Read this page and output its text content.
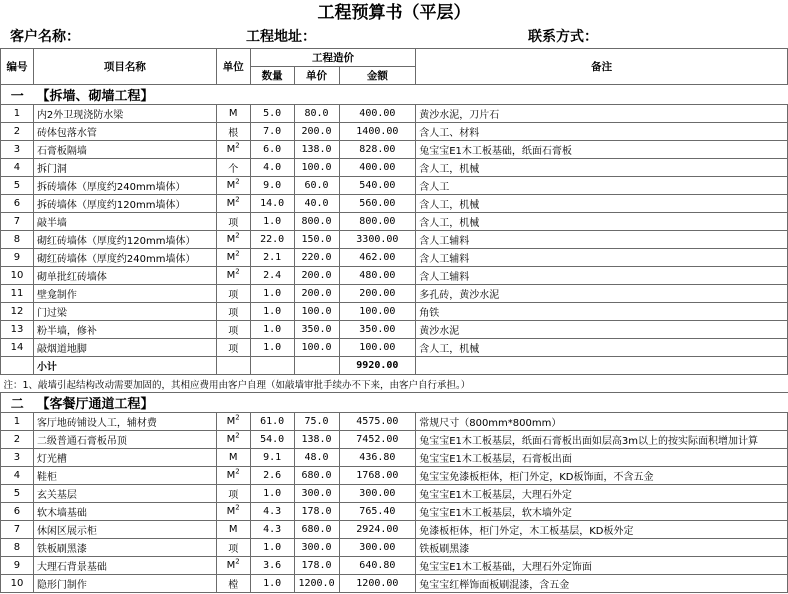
工程预算书（平层）
客户名称：	工程地址：	联系方式：
编号	项目名称	单位	工程造价			备注
			数量	单价	金额	
一	【拆墙、砌墙工程】					
1	内2外卫现浇防水梁	M	5.0	80.0	400.00	黄沙水泥，刀片石
2	砖体包落水管	根	7.0	200.0	1400.00	含人工、材料
3	石膏板隔墙	$M^2$	6.0	138.0	828.00	兔宝宝E1木工板基础，纸面石膏板
4	拆门洞	个	4.0	100.0	400.00	含人工，机械
5	拆砖墙体（厚度约240mm墙体）	$M^2$	9.0	60.0	540.00	含人工
6	拆砖墙体（厚度约120mm墙体）	$M^2$	14.0	40.0	560.00	含人工，机械
7	敲半墙	项	1.0	800.0	800.00	含人工，机械
8	砌红砖墙体（厚度约120mm墙体）	$M^2$	22.0	150.0	3300.00	含人工辅料
9	砌红砖墙体（厚度约240mm墙体）	$M^2$	2.1	220.0	462.00	含人工辅料
10	砌单批红砖墙体	$M^2$	2.4	200.0	480.00	含人工辅料
11	壁龛制作	项	1.0	200.0	200.00	多孔砖，黄沙水泥
12	门过梁	项	1.0	100.0	100.00	角铁
13	粉半墙，修补	项	1.0	350.0	350.00	黄沙水泥
14	敲烟道地脚	项	1.0	100.0	100.00	含人工，机械
	小计				9920.00	
注：1、敲墙引起结构改动需要加固的，其相应费用由客户自理（如敲墙审批手续办不下来，由客户自行承担。）						
二	【客餐厅通道工程】					
1	客厅地砖铺设人工，辅材费	$M^2$	61.0	75.0	4575.00	常规尺寸（800mm*800mm）
2	二级普通石膏板吊顶	$M^2$	54.0	138.0	7452.00	兔宝宝E1木工板基层，纸面石膏板出面如层高3m以上的按实际面积增加计算
3	灯光槽	M	9.1	48.0	436.80	兔宝宝E1木工板基层，石膏板出面
4	鞋柜	$M^2$	2.6	680.0	1768.00	兔宝宝免漆板柜体，柜门外定，KD板饰面，不含五金
5	玄关基层	项	1.0	300.0	300.00	兔宝宝E1木工板基层，大理石外定
6	软木墙基础	$M^2$	4.3	178.0	765.40	兔宝宝E1木工板基层，软木墙外定
7	休闲区展示柜	M	4.3	680.0	2924.00	免漆板柜体，柜门外定，木工板基层，KD板外定
8	铁板刷黑漆	项	1.0	300.0	300.00	铁板刷黑漆
9	大理石背景基础	$M^2$	3.6	178.0	640.80	兔宝宝E1木工板基础，大理石外定饰面
10	隐形门制作	樘	1.0	1200.0	1200.00	兔宝宝红榉饰面板刷混漆，含五金
